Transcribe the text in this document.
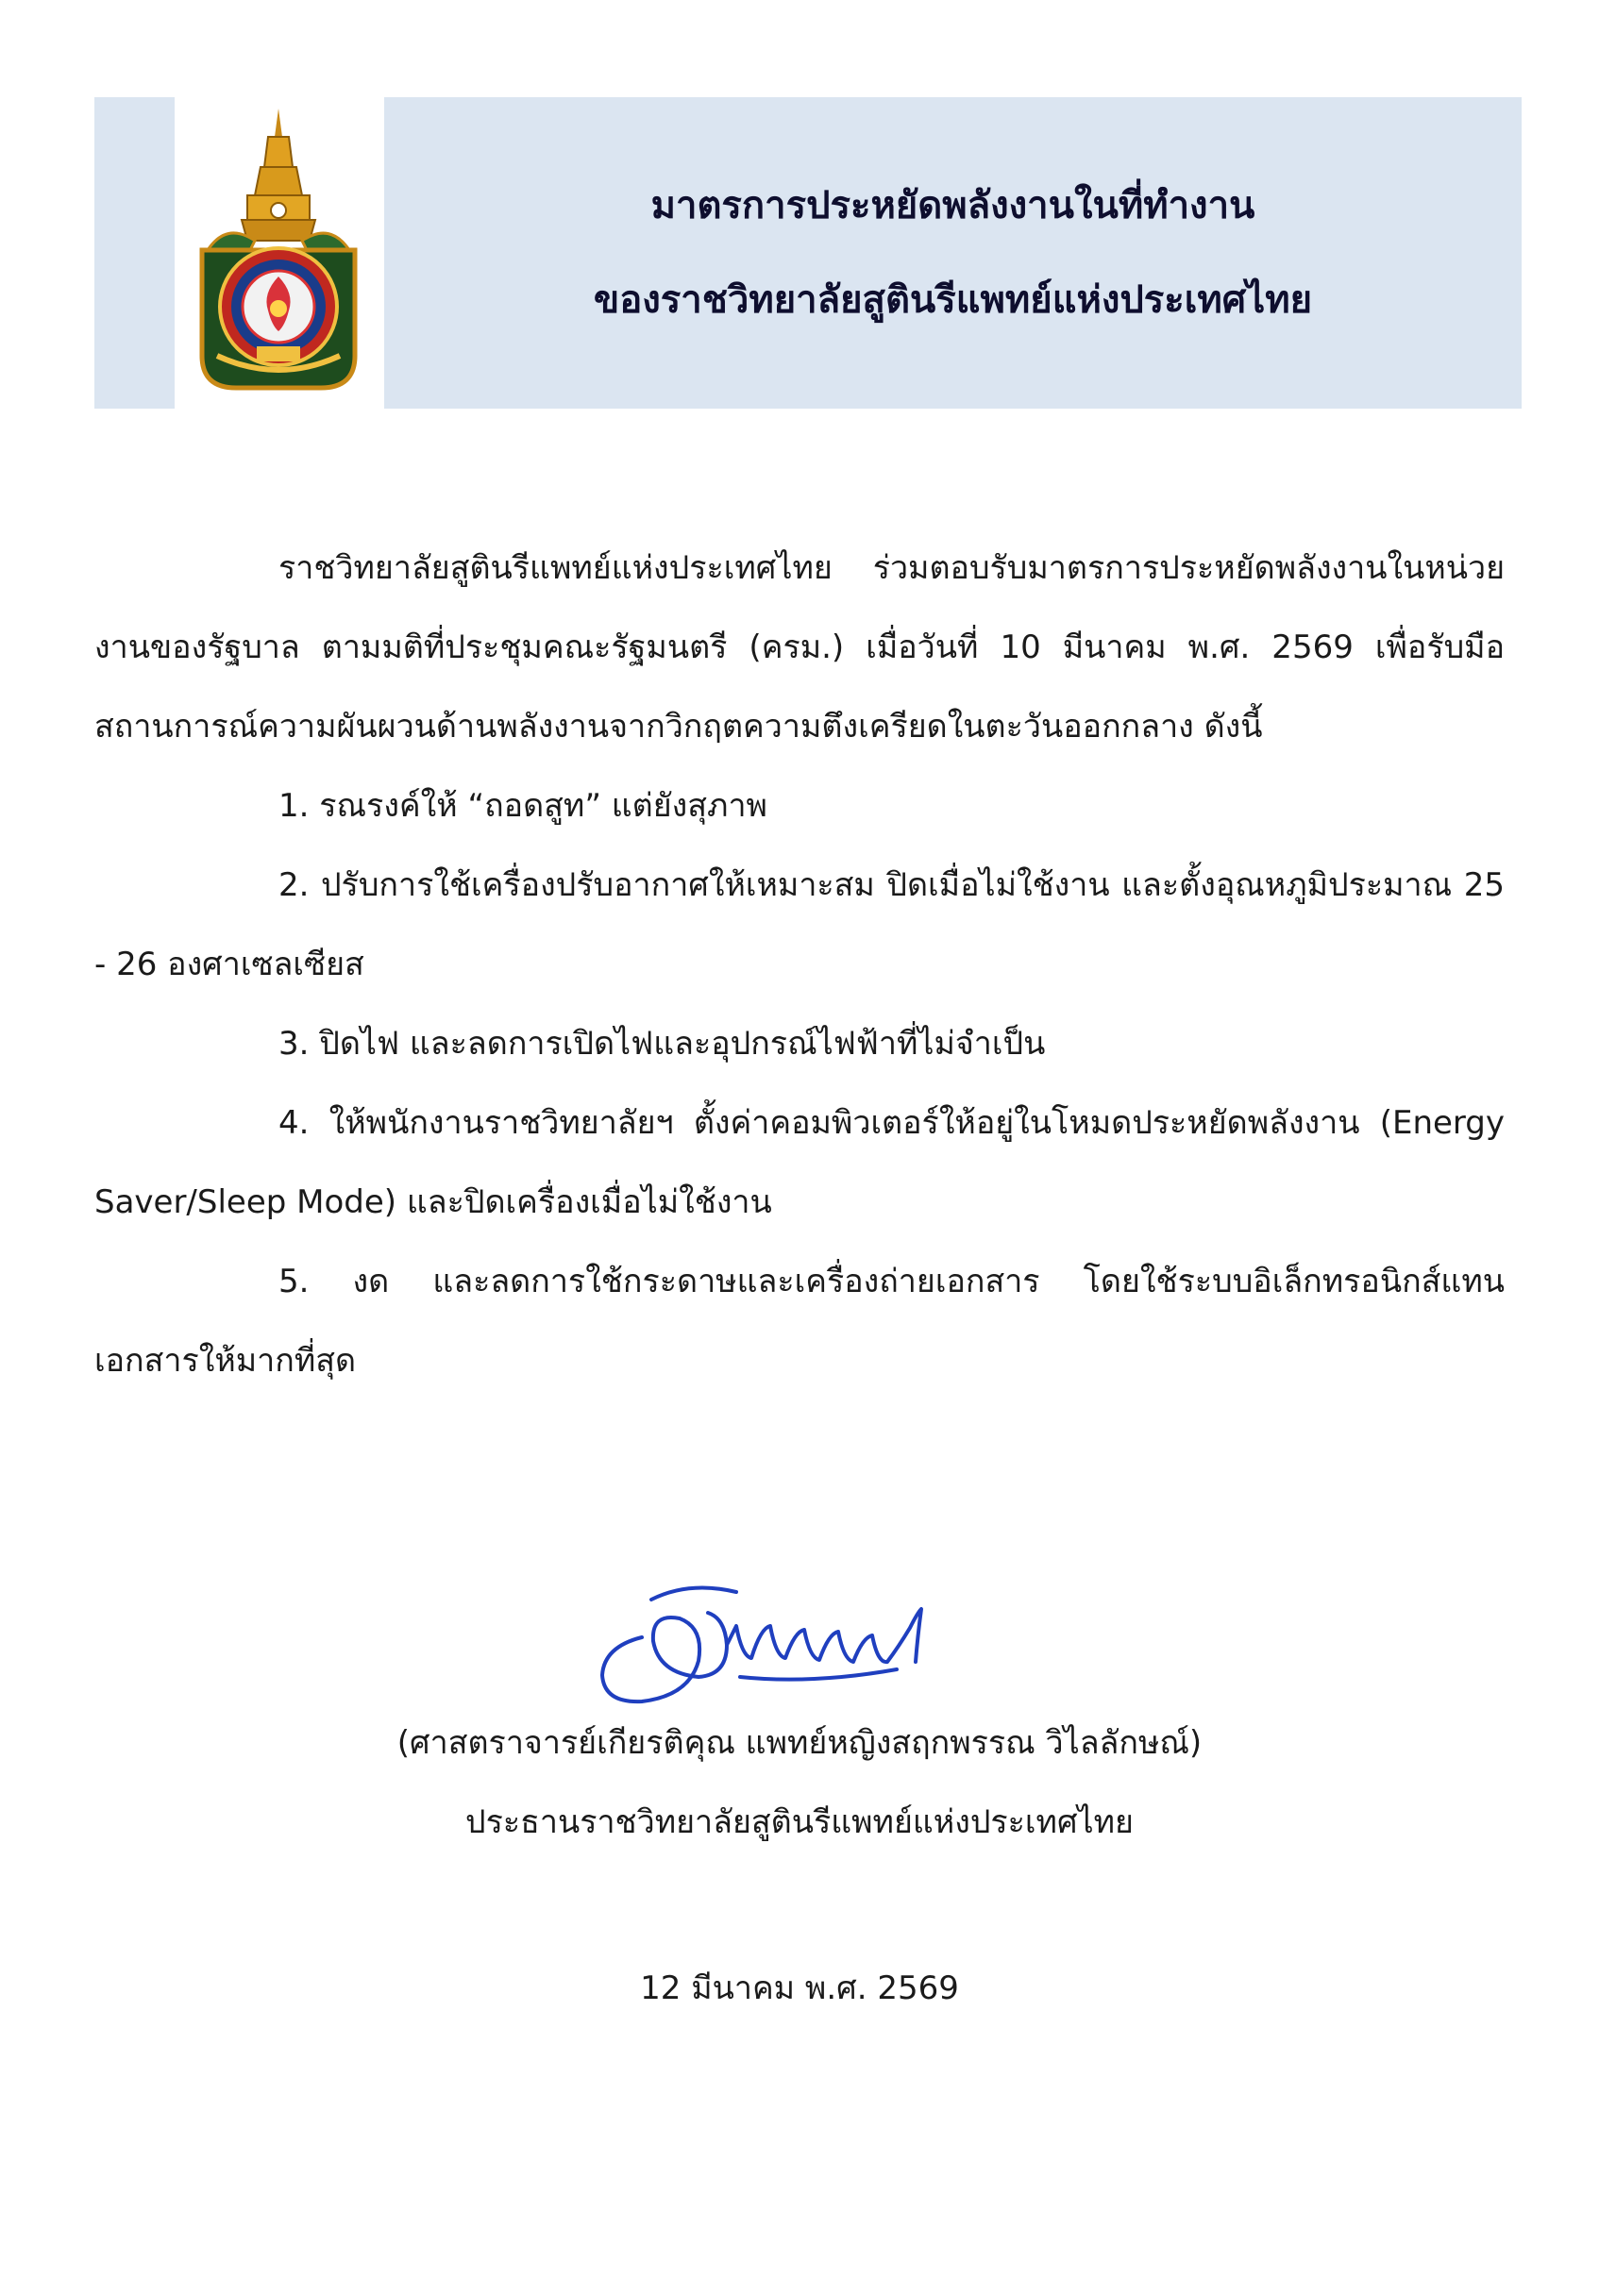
มาตรการประหยัดพลังงานในที่ทำงาน
ของราชวิทยาลัยสูตินรีแพทย์แห่งประเทศไทย

ราชวิทยาลัยสูตินรีแพทย์แห่งประเทศไทย ร่วมตอบรับมาตรการประหยัดพลังงานในหน่วยงานของรัฐบาล ตามมติที่ประชุมคณะรัฐมนตรี (ครม.) เมื่อวันที่ 10 มีนาคม พ.ศ. 2569 เพื่อรับมือสถานการณ์ความผันผวนด้านพลังงานจากวิกฤตความตึงเครียดในตะวันออกกลาง ดังนี้

1. รณรงค์ให้ “ถอดสูท” แต่ยังสุภาพ

2. ปรับการใช้เครื่องปรับอากาศให้เหมาะสม ปิดเมื่อไม่ใช้งาน และตั้งอุณหภูมิประมาณ 25 - 26 องศาเซลเซียส

3. ปิดไฟ และลดการเปิดไฟและอุปกรณ์ไฟฟ้าที่ไม่จำเป็น

4. ให้พนักงานราชวิทยาลัยฯ ตั้งค่าคอมพิวเตอร์ให้อยู่ในโหมดประหยัดพลังงาน (Energy Saver/Sleep Mode) และปิดเครื่องเมื่อไม่ใช้งาน

5. งด และลดการใช้กระดาษและเครื่องถ่ายเอกสาร โดยใช้ระบบอิเล็กทรอนิกส์แทนเอกสารให้มากที่สุด

(ศาสตราจารย์เกียรติคุณ แพทย์หญิงสฤกพรรณ วิไลลักษณ์)
ประธานราชวิทยาลัยสูตินรีแพทย์แห่งประเทศไทย
12 มีนาคม พ.ศ. 2569
